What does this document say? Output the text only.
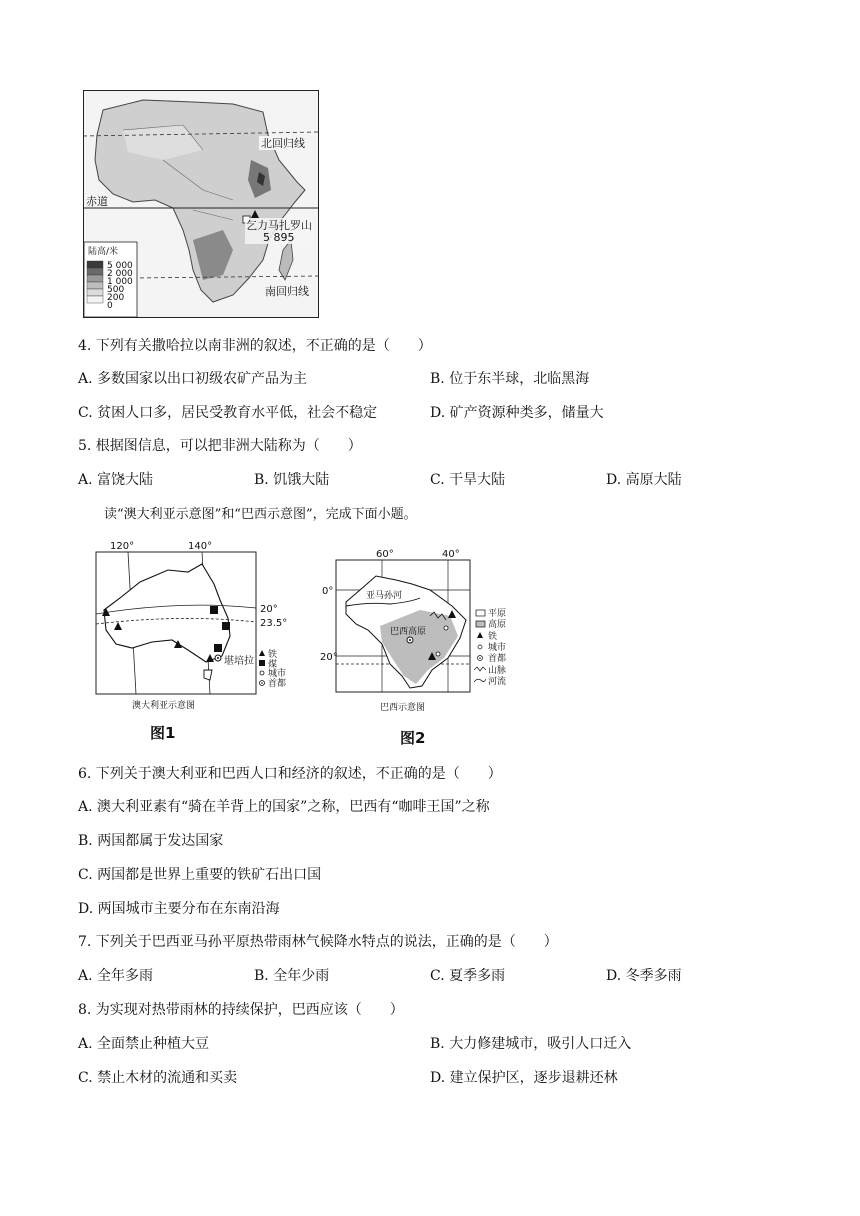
陆高/米
5 000
2 000
1 000
500
200
0
北回归线
赤道
乞力马扎罗山
5 895
南回归线
4. 下列有关撒哈拉以南非洲的叙述，不正确的是（　　）
A. 多数国家以出口初级农矿产品为主	B. 位于东半球，北临黑海
C. 贫困人口多，居民受教育水平低，社会不稳定	D. 矿产资源种类多，储量大
5. 根据图信息，可以把非洲大陆称为（　　）
A. 富饶大陆	B. 饥饿大陆	C. 干旱大陆	D. 高原大陆
读“澳大利亚示意图”和“巴西示意图”，完成下面小题。
铁
煤
城市
首都
120°	140°
20°
23.5°
堪培拉
澳大利亚示意图
图1
平原
高原
铁
城市
首都
山脉
河流
60°	40°
0°
20°
亚马孙河
巴西高原
巴西示意图
图2
6. 下列关于澳大利亚和巴西人口和经济的叙述，不正确的是（　　）
A. 澳大利亚素有“骑在羊背上的国家”之称，巴西有“咖啡王国”之称
B. 两国都属于发达国家
C. 两国都是世界上重要的铁矿石出口国
D. 两国城市主要分布在东南沿海
7. 下列关于巴西亚马孙平原热带雨林气候降水特点的说法，正确的是（　　）
A. 全年多雨	B. 全年少雨	C. 夏季多雨	D. 冬季多雨
8. 为实现对热带雨林的持续保护，巴西应该（　　）
A. 全面禁止种植大豆	B. 大力修建城市，吸引人口迁入
C. 禁止木材的流通和买卖	D. 建立保护区，逐步退耕还林
